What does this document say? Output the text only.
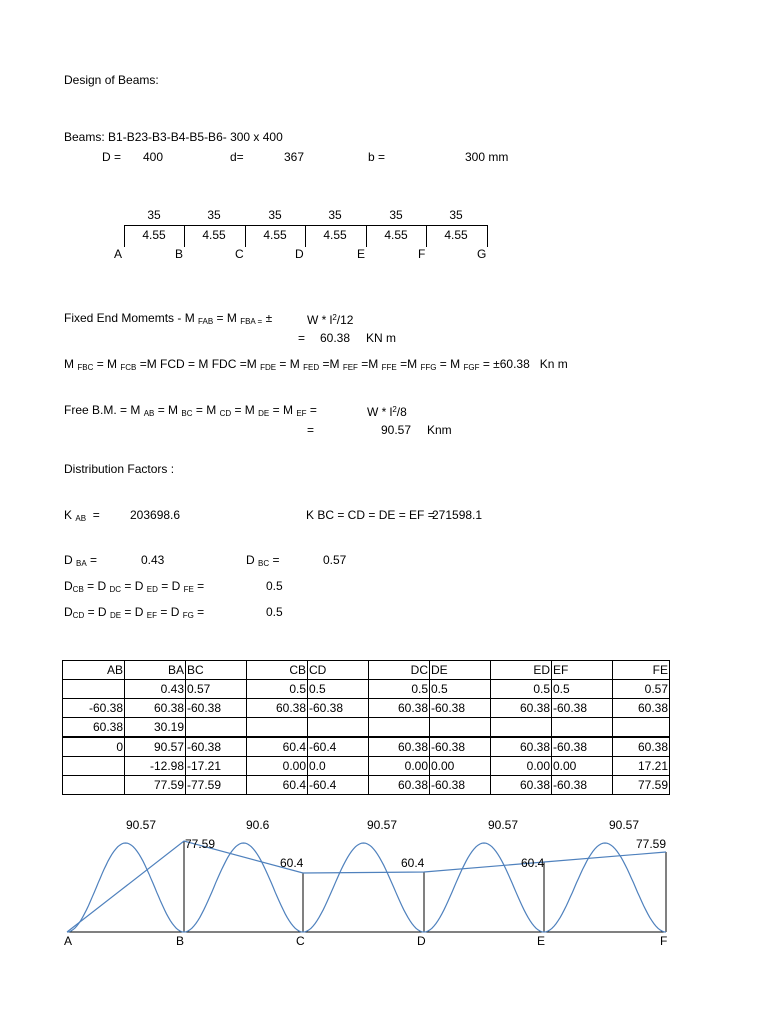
Design of Beams:
Beams: B1-B23-B3-B4-B5-B6- 300 x 400
D = 400	d=	367	b =	300 mm
35	35	35	35	35	35
4.55	4.55	4.55	4.55	4.55	4.55
A	B	C	D	E	F	G
Fixed End Momemts - M $_{FAB}$ = M $_{FBA =}$ ±	W * $l^2/12$
= 60.38 KN m
M $_{FBC}$ = M $_{FCB}$ =M FCD = M FDC =M $_{FDE}$ = M $_{FED}$ =M $_{FEF}$ =M $_{FFE}$ =M $_{FFG}$ = M $_{FGF}$ = ±60.38 Kn m
Free B.M. = M $_{AB}$ = M $_{BC}$ = M $_{CD}$ = M $_{DE}$ = M $_{EF}$ =	W * $l^2/8$
=	90.57 Knm
Distribution Factors :
K $_{AB}$ =	203698.6	K BC = CD = DE = EF =
271598.1
D $_{BA}$ =	0.43	D $_{BC}$ =	0.57
$D_{CB} = D$ $_{DC}$ = D $_{ED}$ = D $_{FE}$ =	0.5
$D_{CD} = D$ $_{DE}$ = D $_{EF}$ = D $_{FG}$ =	0.5
AB	BA	BC	CB	CD	DC	DE	ED	EF	FE
	0.43	0.57	0.5	0.5	0.5	0.5	0.5	0.5	0.57
-60.38	60.38	-60.38	60.38	-60.38	60.38	-60.38	60.38	-60.38	60.38
60.38	30.19								
0	90.57	-60.38	60.4	-60.4	60.38	-60.38	60.38	-60.38	60.38
	-12.98	-17.21	0.00	0.0	0.00	0.00	0.00	0.00	17.21
	77.59	-77.59	60.4	-60.4	60.38	-60.38	60.38	-60.38	77.59
90.57	90.6	90.57	90.57	90.57
77.59
60.4	60.4	60.4
77.59
A	B	C	D	E	F
